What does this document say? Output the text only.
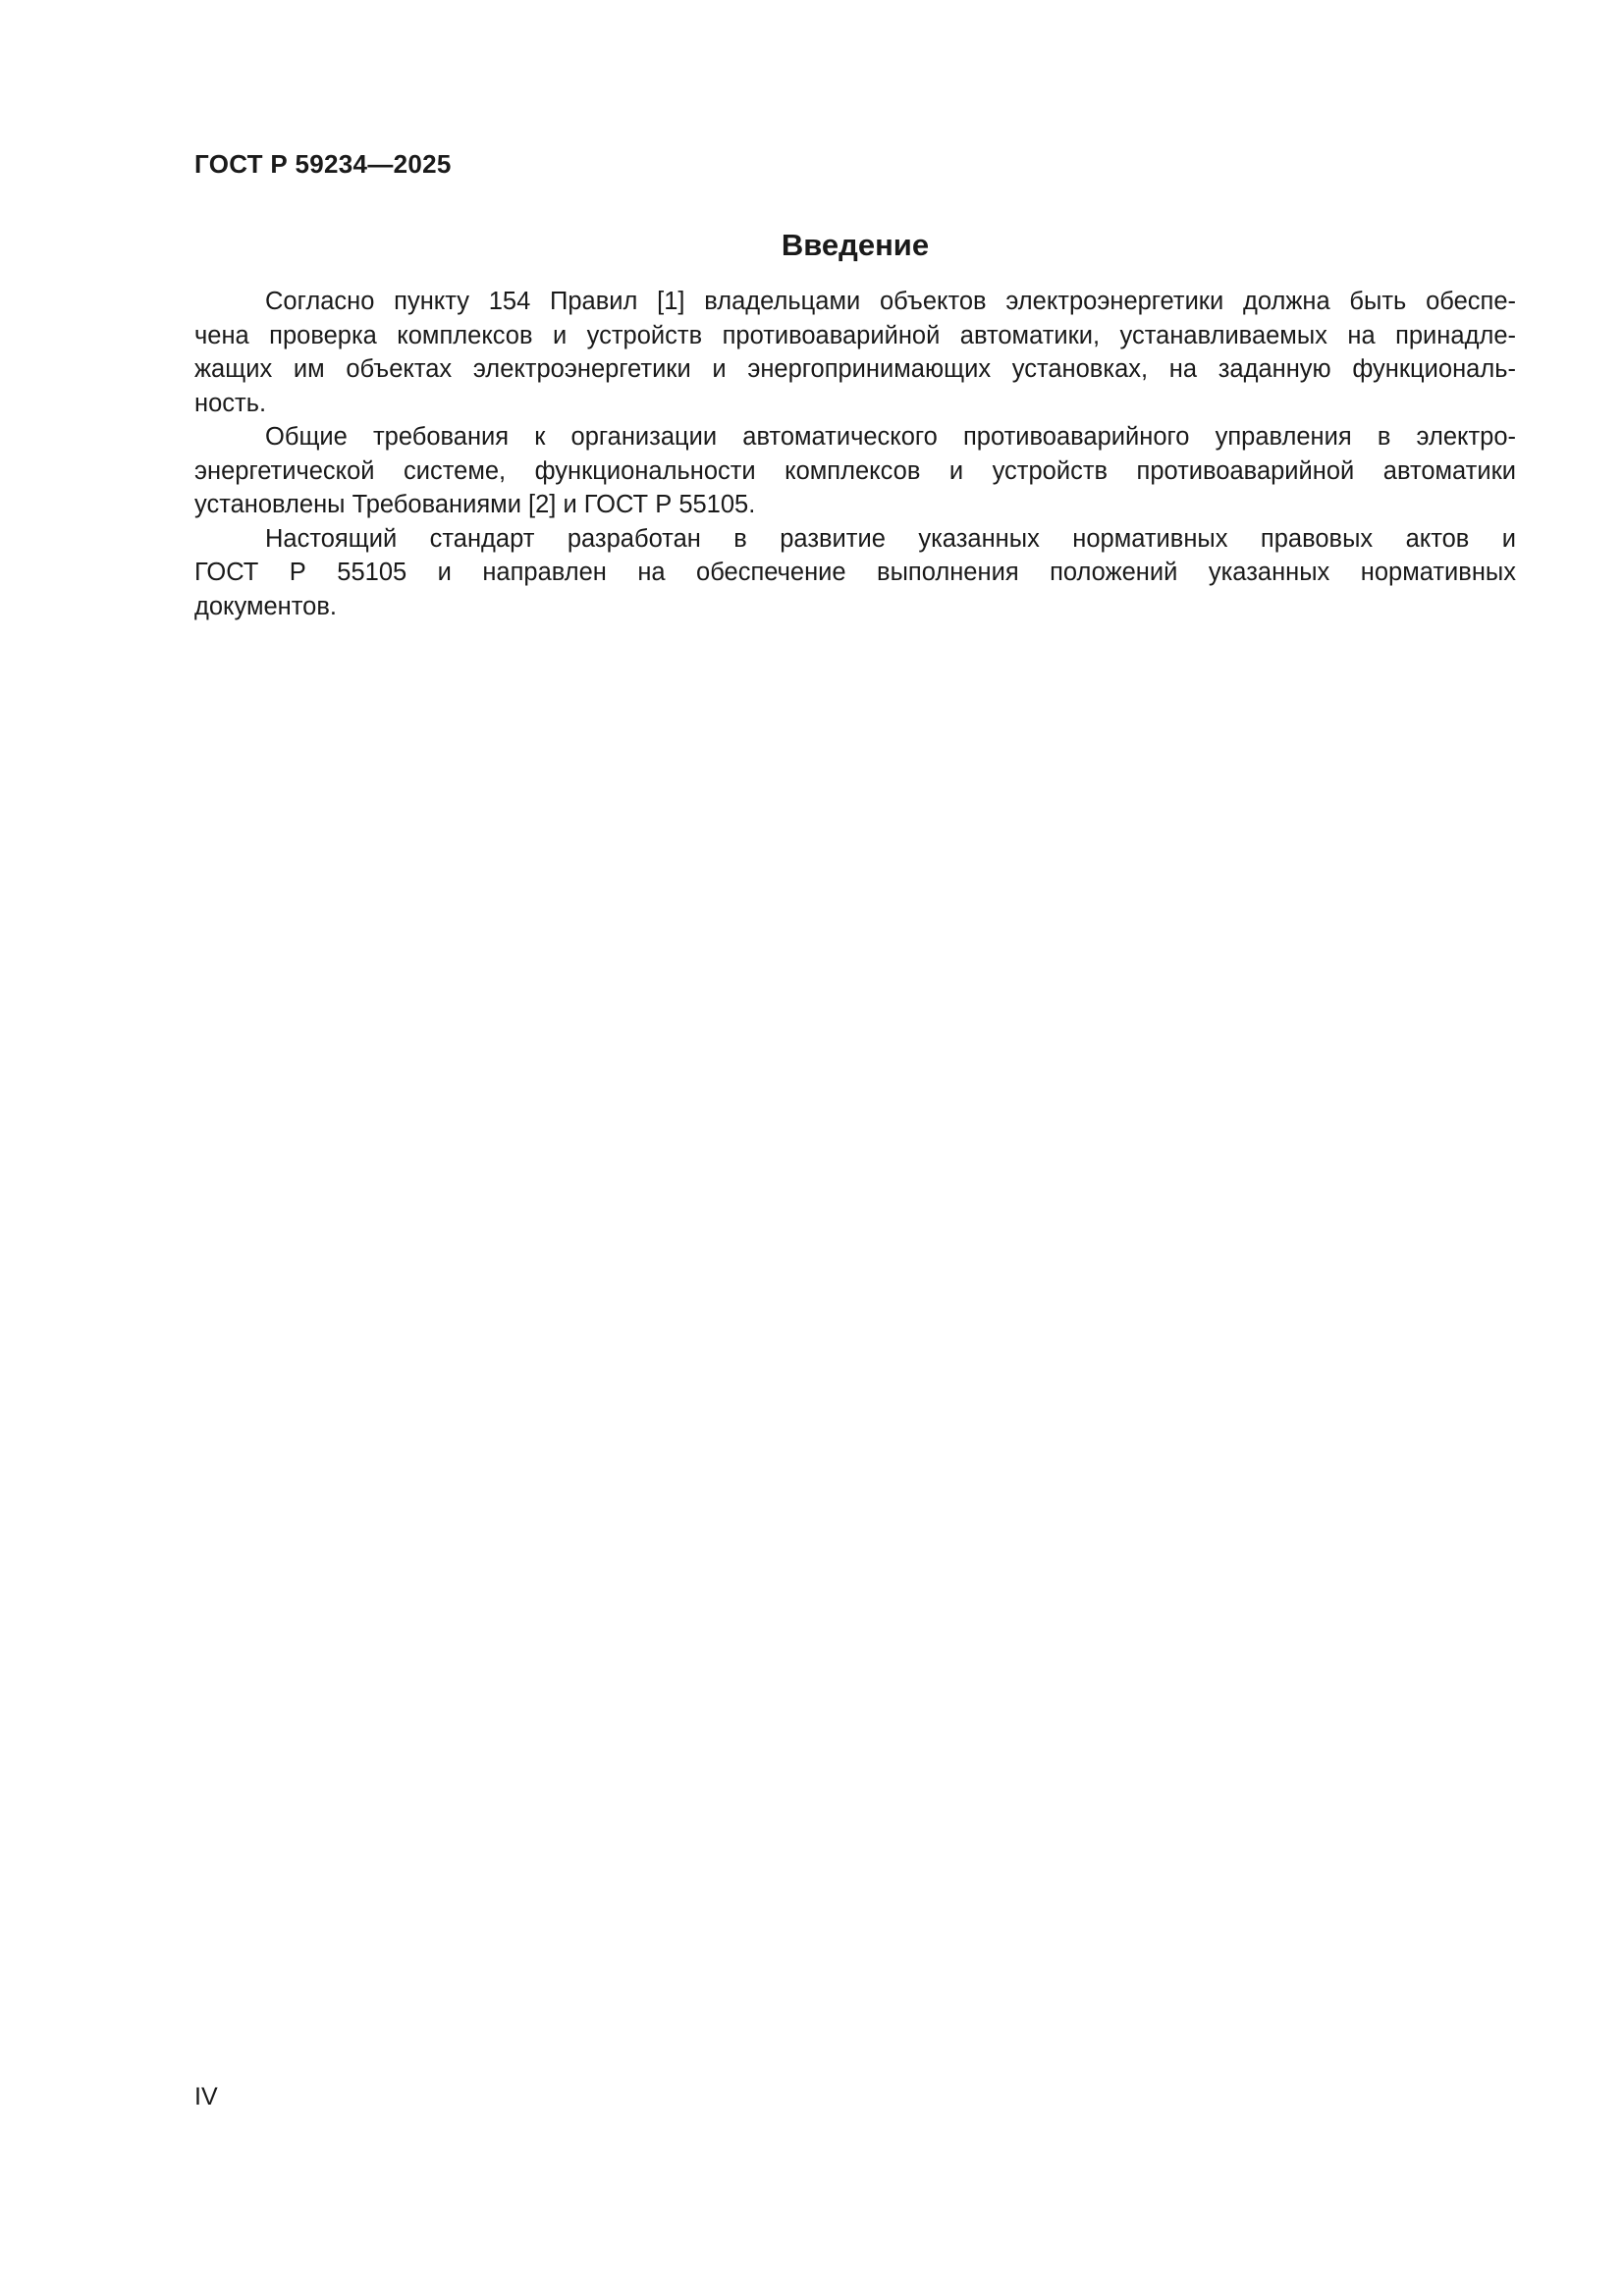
ГОСТ Р 59234—2025
Введение
Согласно пункту 154 Правил [1] владельцами объектов электроэнергетики должна быть обеспе-
чена проверка комплексов и устройств противоаварийной автоматики, устанавливаемых на принадле-
жащих им объектах электроэнергетики и энергопринимающих установках, на заданную функциональ-
ность.
Общие требования к организации автоматического противоаварийного управления в электро-
энергетической системе, функциональности комплексов и устройств противоаварийной автоматики
установлены Требованиями [2] и ГОСТ Р 55105.
Настоящий стандарт разработан в развитие указанных нормативных правовых актов и
ГОСТ Р 55105 и направлен на обеспечение выполнения положений указанных нормативных
документов.
IV
